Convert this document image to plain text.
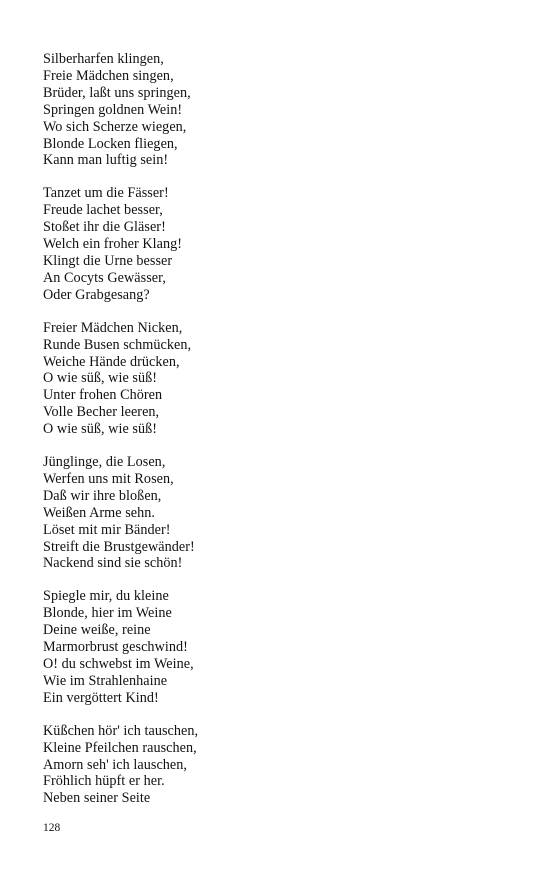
Silberharfen klingen,
Freie Mädchen singen,
Brüder, laßt uns springen,
Springen goldnen Wein!
Wo sich Scherze wiegen,
Blonde Locken fliegen,
Kann man luftig sein!
Tanzet um die Fässer!
Freude lachet besser,
Stoßet ihr die Gläser!
Welch ein froher Klang!
Klingt die Urne besser
An Cocyts Gewässer,
Oder Grabgesang?
Freier Mädchen Nicken,
Runde Busen schmücken,
Weiche Hände drücken,
O wie süß, wie süß!
Unter frohen Chören
Volle Becher leeren,
O wie süß, wie süß!
Jünglinge, die Losen,
Werfen uns mit Rosen,
Daß wir ihre bloßen,
Weißen Arme sehn.
Löset mit mir Bänder!
Streift die Brustgewänder!
Nackend sind sie schön!
Spiegle mir, du kleine
Blonde, hier im Weine
Deine weiße, reine
Marmorbrust geschwind!
O! du schwebst im Weine,
Wie im Strahlenhaine
Ein vergöttert Kind!
Küßchen hör' ich tauschen,
Kleine Pfeilchen rauschen,
Amorn seh' ich lauschen,
Fröhlich hüpft er her.
Neben seiner Seite
128
